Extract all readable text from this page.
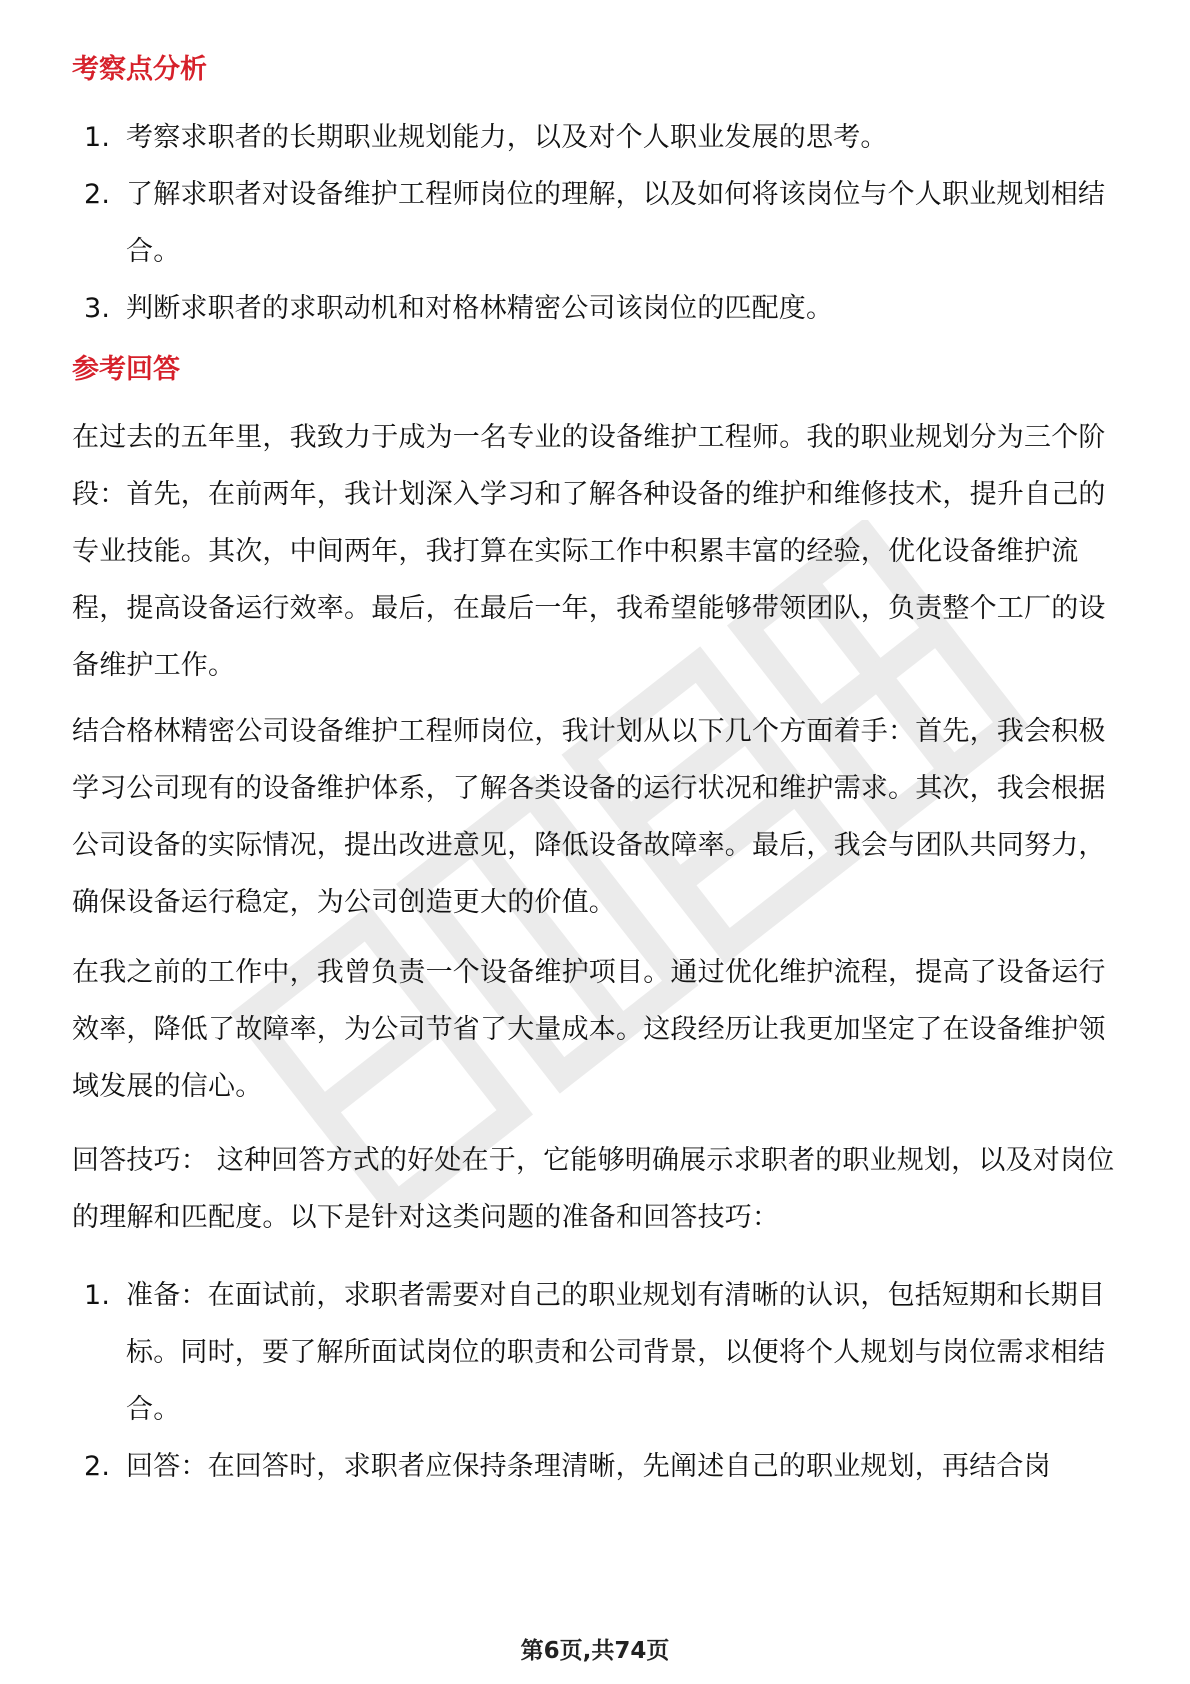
考察点分析
1. 考察求职者的长期职业规划能力，以及对个人职业发展的思考。
2. 了解求职者对设备维护工程师岗位的理解，以及如何将该岗位与个人职业规划相结合。
3. 判断求职者的求职动机和对格林精密公司该岗位的匹配度。
参考回答

在过去的五年里，我致力于成为一名专业的设备维护工程师。我的职业规划分为三个阶段：首先，在前两年，我计划深入学习和了解各种设备的维护和维修技术，提升自己的专业技能。其次，中间两年，我打算在实际工作中积累丰富的经验，优化设备维护流程，提高设备运行效率。最后，在最后一年，我希望能够带领团队，负责整个工厂的设备维护工作。

结合格林精密公司设备维护工程师岗位，我计划从以下几个方面着手：首先，我会积极学习公司现有的设备维护体系，了解各类设备的运行状况和维护需求。其次，我会根据公司设备的实际情况，提出改进意见，降低设备故障率。最后，我会与团队共同努力，确保设备运行稳定，为公司创造更大的价值。

在我之前的工作中，我曾负责一个设备维护项目。通过优化维护流程，提高了设备运行效率，降低了故障率，为公司节省了大量成本。这段经历让我更加坚定了在设备维护领域发展的信心。

回答技巧： 这种回答方式的好处在于，它能够明确展示求职者的职业规划，以及对岗位的理解和匹配度。以下是针对这类问题的准备和回答技巧：

1. 准备：在面试前，求职者需要对自己的职业规划有清晰的认识，包括短期和长期目标。同时，要了解所面试岗位的职责和公司背景，以便将个人规划与岗位需求相结合。
2. 回答：在回答时，求职者应保持条理清晰，先阐述自己的职业规划，再结合岗
第6页,共74页
